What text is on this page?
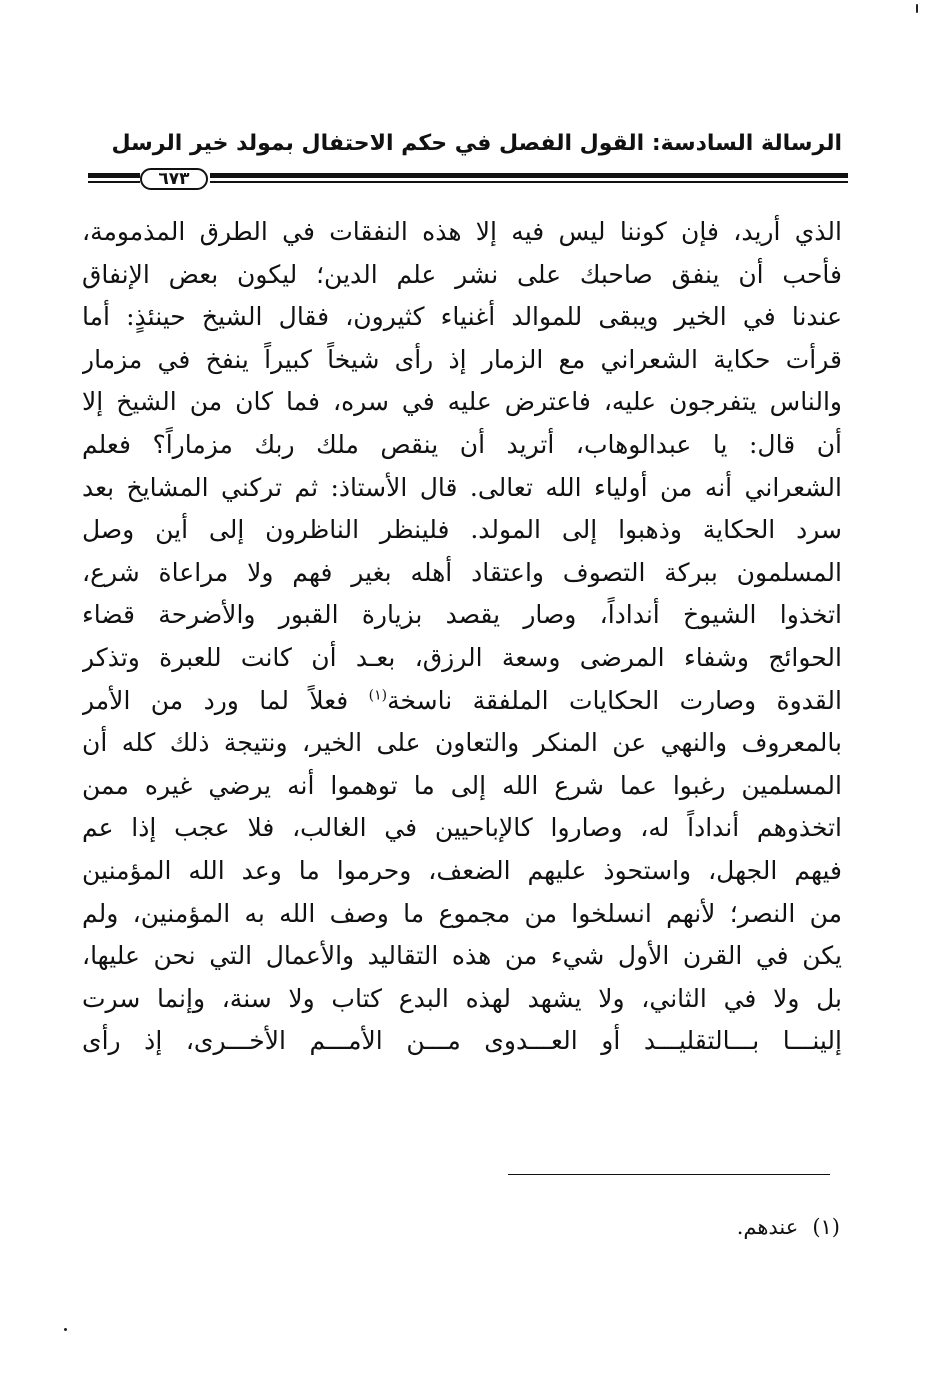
الرسالة السادسة: القول الفصل في حكم الاحتفال بمولد خير الرسل
٦٧٣
الذي أريد، فإن كوننا ليس فيه إلا هذه النفقات في الطرق المذمومة،
فأحب أن ينفق صاحبك على نشر علم الدين؛ ليكون بعض الإنفاق
عندنا في الخير ويبقى للموالد أغنياء كثيرون، فقال الشيخ حينئذٍ: أما
قرأت حكاية الشعراني مع الزمار إذ رأى شيخاً كبيراً ينفخ في مزمار
والناس يتفرجون عليه، فاعترض عليه في سره، فما كان من الشيخ إلا
أن قال: يا عبدالوهاب، أتريد أن ينقص ملك ربك مزماراً؟ فعلم
الشعراني أنه من أولياء الله تعالى. قال الأستاذ: ثم تركني المشايخ بعد
سرد الحكاية وذهبوا إلى المولد. فلينظر الناظرون إلى أين وصل
المسلمون ببركة التصوف واعتقاد أهله بغير فهم ولا مراعاة شرع،
اتخذوا الشيوخ أنداداً، وصار يقصد بزيارة القبور والأضرحة قضاء
الحوائج وشفاء المرضى وسعة الرزق، بعـد أن كانت للعبرة وتذكر
القدوة وصارت الحكايات الملفقة ناسخة$^{(١)}$ فعلاً لما ورد من الأمر
بالمعروف والنهي عن المنكر والتعاون على الخير، ونتيجة ذلك كله أن
المسلمين رغبوا عما شرع الله إلى ما توهموا أنه يرضي غيره ممن
اتخذوهم أنداداً له، وصاروا كالإباحيين في الغالب، فلا عجب إذا عم
فيهم الجهل، واستحوذ عليهم الضعف، وحرموا ما وعد الله المؤمنين
من النصر؛ لأنهم انسلخوا من مجموع ما وصف الله به المؤمنين، ولم
يكن في القرن الأول شيء من هذه التقاليد والأعمال التي نحن عليها،
بل ولا في الثاني، ولا يشهد لهذه البدع كتاب ولا سنة، وإنما سرت
إلينـــا بـــالتقليـــد أو العـــدوى مـــن الأمـــم الأخـــرى، إذ رأى
(١)عندهم.
